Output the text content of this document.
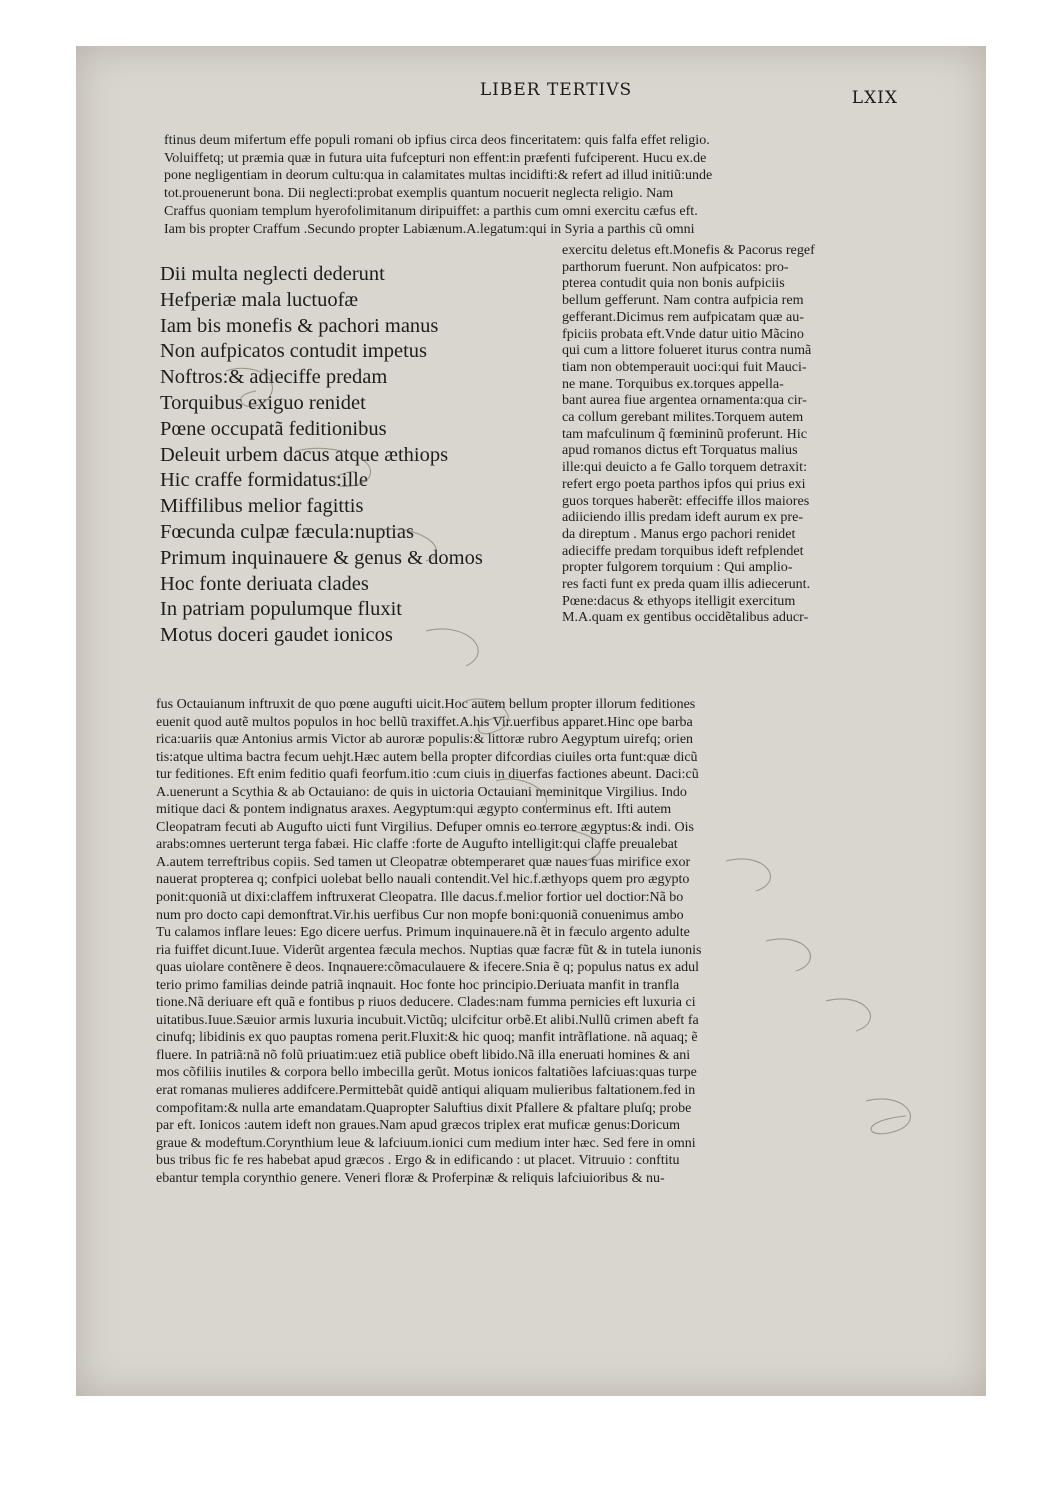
LIBER TERTIVS	LXIX
ftinus deum mifertum effe populi romani ob ipfius circa deos finceritatem: quis falfa effet religio.
Voluiffetq; ut præmia quæ in futura uita fufcepturi non effent:in præfenti fufciperent. Hucu ex.de
pone negligentiam in deorum cultu:qua in calamitates multas incidifti:& refert ad illud initiũ:unde
tot.prouenerunt bona. Dii neglecti:probat exemplis quantum nocuerit neglecta religio. Nam
Craffus quoniam templum hyerofolimitanum diripuiffet: a parthis cum omni exercitu cæfus eft.
Iam bis propter Craffum .Secundo propter Labiænum.A.legatum:qui in Syria a parthis cũ omni
Dii multa neglecti dederunt
Hefperiæ mala luctuofæ
Iam bis monefis & pachori manus
Non aufpicatos contudit impetus
Noftros:& adieciffe predam
Torquibus exiguo renidet
Pœne occupatã feditionibus
Deleuit urbem dacus atque æthiops
Hic craffe formidatus:ille
Miffilibus melior fagittis
Fœcunda culpæ fæcula:nuptias
Primum inquinauere & genus & domos
Hoc fonte deriuata clades
In patriam populumque fluxit
Motus doceri gaudet ionicos
exercitu deletus eft.Monefis & Pacorus regef
parthorum fuerunt. Non aufpicatos: pro-
pterea contudit quia non bonis aufpiciis
bellum gefferunt. Nam contra aufpicia rem
gefferant.Dicimus rem aufpicatam quæ au-
fpiciis probata eft.Vnde datur uitio Mãcino
qui cum a littore folueret iturus contra numã
tiam non obtemperauit uoci:qui fuit Mauci-
ne mane. Torquibus ex.torques appella-
bant aurea fiue argentea ornamenta:qua cir-
ca collum gerebant milites.Torquem autem
tam mafculinum q̃ fœmininũ proferunt. Hic
apud romanos dictus eft Torquatus malius
ille:qui deuicto a fe Gallo torquem detraxit:
refert ergo poeta parthos ipfos qui prius exi
guos torques haberẽt: effeciffe illos maiores
adiiciendo illis predam ideft aurum ex pre-
da direptum . Manus ergo pachori renidet
adieciffe predam torquibus ideft refplendet
propter fulgorem torquium : Qui amplio-
res facti funt ex preda quam illis adiecerunt.
Pœne:dacus & ethyops itelligit exercitum
M.A.quam ex gentibus occidẽtalibus aducr-
fus Octauianum inftruxit de quo pœne augufti uicit.Hoc autem bellum propter illorum feditiones
euenit quod autẽ multos populos in hoc bellũ traxiffet.A.his Vir.uerfibus apparet.Hinc ope barba
rica:uariis quæ Antonius armis Victor ab auroræ populis:& littoræ rubro Aegyptum uirefq; orien
tis:atque ultima bactra fecum uehjt.Hæc autem bella propter difcordias ciuiles orta funt:quæ dicũ
tur feditiones. Eft enim feditio quafi feorfum.itio :cum ciuis in diuerfas factiones abeunt. Daci:cũ
A.uenerunt a Scythia & ab Octauiano: de quis in uictoria Octauiani meminitque Virgilius. Indo
mitique daci & pontem indignatus araxes. Aegyptum:qui ægypto conterminus eft. Ifti autem
Cleopatram fecuti ab Augufto uicti funt Virgilius. Defuper omnis eo terrore ægyptus:& indi. Ois
arabs:omnes uerterunt terga fabæi. Hic claffe :forte de Augufto intelligit:qui claffe preualebat
A.autem terreftribus copiis. Sed tamen ut Cleopatræ obtemperaret quæ naues fuas mirifice exor
nauerat propterea q; confpici uolebat bello nauali contendit.Vel hic.f.æthyops quem pro ægypto
ponit:quoniã ut dixi:claffem inftruxerat Cleopatra. Ille dacus.f.melior fortior uel doctior:Nã bo
num pro docto capi demonftrat.Vir.his uerfibus Cur non mopfe boni:quoniã conuenimus ambo
Tu calamos inflare leues: Ego dicere uerfus. Primum inquinauere.nã ẽt in fæculo argento adulte
ria fuiffet dicunt.Iuue. Viderũt argentea fæcula mechos. Nuptias quæ facræ fũt & in tutela iunonis
quas uiolare contẽnere ẽ deos. Inqnauere:cõmaculauere & ifecere.Snia ẽ q; populus natus ex adul
terio primo familias deinde patriã inqnauit. Hoc fonte hoc principio.Deriuata manfit in tranfla
tione.Nã deriuare eft quã e fontibus p riuos deducere. Clades:nam fumma pernicies eft luxuria ci
uitatibus.Iuue.Sæuior armis luxuria incubuit.Victũq; ulcifcitur orbẽ.Et alibi.Nullũ crimen abeft fa
cinufq; libidinis ex quo pauptas romena perit.Fluxit:& hic quoq; manfit intrãflatione. nã aquaq; ẽ
fluere. In patriã:nã nõ folũ priuatim:uez etiã publice obeft libido.Nã illa eneruati homines & ani
mos cõfiliis inutiles & corpora bello imbecilla gerũt. Motus ionicos faltatiões lafciuas:quas turpe
erat romanas mulieres addifcere.Permittebãt quidẽ antiqui aliquam mulieribus faltationem.fed in
compofitam:& nulla arte emandatam.Quapropter Saluftius dixit Pfallere & pfaltare pluſq; probe
par eft. Ionicos :autem ideft non graues.Nam apud græcos triplex erat muficæ genus:Doricum
graue & modeftum.Corynthium leue & lafciuum.ionici cum medium inter hæc. Sed fere in omni
bus tribus fic fe res habebat apud græcos . Ergo & in edificando : ut placet. Vitruuio : conftitu
ebantur templa corynthio genere. Veneri floræ & Proferpinæ & reliquis lafciuioribus & nu-
